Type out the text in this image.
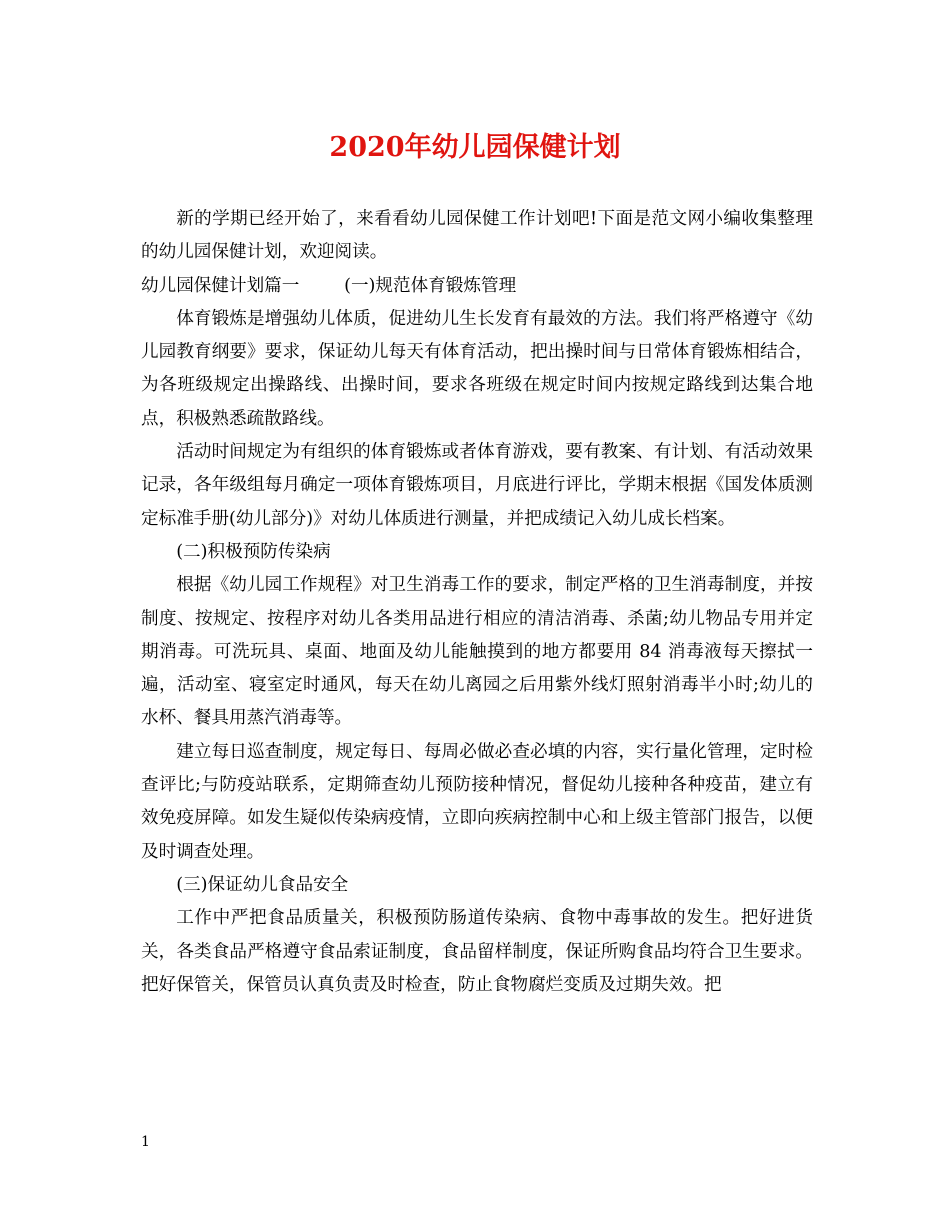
2020年幼儿园保健计划

新的学期已经开始了，来看看幼儿园保健工作计划吧!下面是范文网小编收集整理的幼儿园保健计划，欢迎阅读。

幼儿园保健计划篇一        (一)规范体育锻炼管理

体育锻炼是增强幼儿体质，促进幼儿生长发育有最效的方法。我们将严格遵守《幼儿园教育纲要》要求，保证幼儿每天有体育活动，把出操时间与日常体育锻炼相结合，为各班级规定出操路线、出操时间，要求各班级在规定时间内按规定路线到达集合地点，积极熟悉疏散路线。

活动时间规定为有组织的体育锻炼或者体育游戏，要有教案、有计划、有活动效果记录，各年级组每月确定一项体育锻炼项目，月底进行评比，学期末根据《国发体质测定标准手册(幼儿部分)》对幼儿体质进行测量，并把成绩记入幼儿成长档案。

(二)积极预防传染病

根据《幼儿园工作规程》对卫生消毒工作的要求，制定严格的卫生消毒制度，并按制度、按规定、按程序对幼儿各类用品进行相应的清洁消毒、杀菌;幼儿物品专用并定期消毒。可洗玩具、桌面、地面及幼儿能触摸到的地方都要用 84 消毒液每天擦拭一遍，活动室、寝室定时通风，每天在幼儿离园之后用紫外线灯照射消毒半小时;幼儿的水杯、餐具用蒸汽消毒等。

建立每日巡查制度，规定每日、每周必做必查必填的内容，实行量化管理，定时检查评比;与防疫站联系，定期筛查幼儿预防接种情况，督促幼儿接种各种疫苗，建立有效免疫屏障。如发生疑似传染病疫情，立即向疾病控制中心和上级主管部门报告，以便及时调查处理。

(三)保证幼儿食品安全

工作中严把食品质量关，积极预防肠道传染病、食物中毒事故的发生。把好进货关，各类食品严格遵守食品索证制度，食品留样制度，保证所购食品均符合卫生要求。把好保管关，保管员认真负责及时检查，防止食物腐烂变质及过期失效。把

1
